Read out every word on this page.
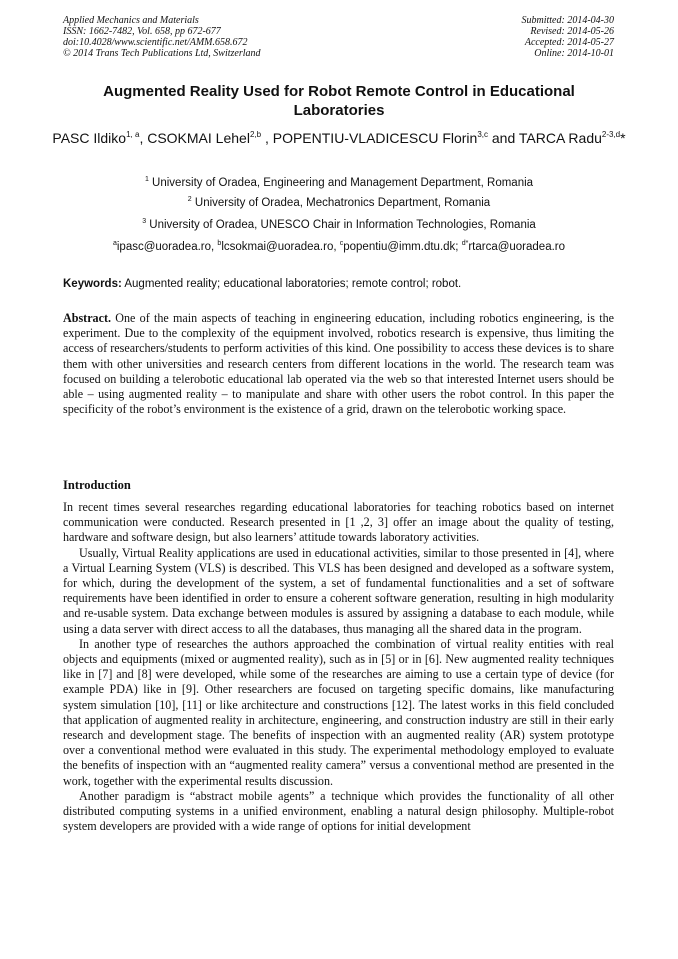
Applied Mechanics and Materials
ISSN: 1662-7482, Vol. 658, pp 672-677
doi:10.4028/www.scientific.net/AMM.658.672
© 2014 Trans Tech Publications Ltd, Switzerland
Submitted: 2014-04-30
Revised: 2014-05-26
Accepted: 2014-05-27
Online: 2014-10-01
Augmented Reality Used for Robot Remote Control in Educational Laboratories
PASC Ildiko$^{1, a}$, CSOKMAI Lehel$^{2,b}$ , POPENTIU-VLADICESCU Florin$^{3,c}$ and TARCA Radu$^{2-3,d}$*
$^1$ University of Oradea, Engineering and Management Department, Romania
$^2$ University of Oradea, Mechatronics Department, Romania
$^3$ University of Oradea, UNESCO Chair in Information Technologies, Romania
$^a$ipasc@uoradea.ro, $^b$lcsokmai@uoradea.ro, $^c$popentiu@imm.dtu.dk; $^{d*}$rtarca@uoradea.ro
Keywords: Augmented reality; educational laboratories; remote control; robot.
Abstract. One of the main aspects of teaching in engineering education, including robotics engineering, is the experiment. Due to the complexity of the equipment involved, robotics research is expensive, thus limiting the access of researchers/students to perform activities of this kind. One possibility to access these devices is to share them with other universities and research centers from different locations in the world. The research team was focused on building a telerobotic educational lab operated via the web so that interested Internet users should be able – using augmented reality – to manipulate and share with other users the robot control. In this paper the specificity of the robot’s environment is the existence of a grid, drawn on the telerobotic working space.
Introduction

In recent times several researches regarding educational laboratories for teaching robotics based on internet communication were conducted. Research presented in [1 ,2, 3] offer an image about the quality of testing, hardware and software design, but also learners’ attitude towards laboratory activities.

Usually, Virtual Reality applications are used in educational activities, similar to those presented in [4], where a Virtual Learning System (VLS) is described. This VLS has been designed and developed as a software system, for which, during the development of the system, a set of fundamental functionalities and a set of software requirements have been identified in order to ensure a coherent software generation, resulting in high modularity and re-usable system. Data exchange between modules is assured by assigning a database to each module, while using a data server with direct access to all the databases, thus managing all the shared data in the program.

In another type of researches the authors approached the combination of virtual reality entities with real objects and equipments (mixed or augmented reality), such as in [5] or in [6]. New augmented reality techniques like in [7] and [8] were developed, while some of the researches are aiming to use a certain type of device (for example PDA) like in [9]. Other researchers are focused on targeting specific domains, like manufacturing system simulation [10], [11] or like architecture and constructions [12]. The latest works in this field concluded that application of augmented reality in architecture, engineering, and construction industry are still in their early research and development stage. The benefits of inspection with an augmented reality (AR) system prototype over a conventional method were evaluated in this study. The experimental methodology employed to evaluate the benefits of inspection with an “augmented reality camera” versus a conventional method are presented in the work, together with the experimental results discussion.

Another paradigm is “abstract mobile agents” a technique which provides the functionality of all other distributed computing systems in a unified environment, enabling a natural design philosophy. Multiple-robot system developers are provided with a wide range of options for initial development
